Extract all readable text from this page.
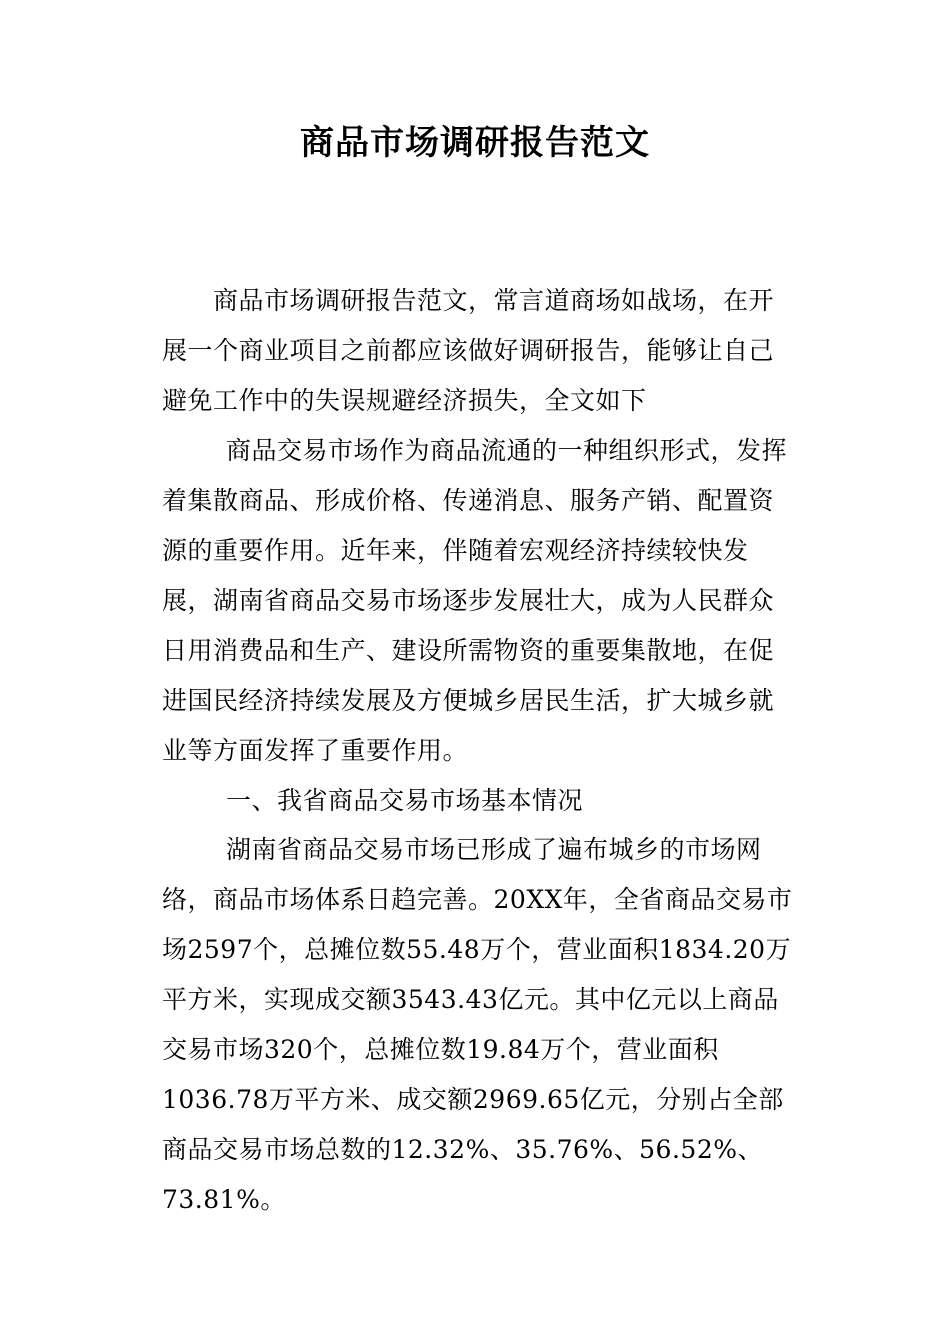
商品市场调研报告范文
商品市场调研报告范文，常言道商场如战场，在开
展一个商业项目之前都应该做好调研报告，能够让自己
避免工作中的失误规避经济损失，全文如下
商品交易市场作为商品流通的一种组织形式，发挥
着集散商品、形成价格、传递消息、服务产销、配置资
源的重要作用。近年来，伴随着宏观经济持续较快发
展，湖南省商品交易市场逐步发展壮大，成为人民群众
日用消费品和生产、建设所需物资的重要集散地，在促
进国民经济持续发展及方便城乡居民生活，扩大城乡就
业等方面发挥了重要作用。
一、我省商品交易市场基本情况
湖南省商品交易市场已形成了遍布城乡的市场网
络，商品市场体系日趋完善。20XX年，全省商品交易市
场2597个，总摊位数55.48万个，营业面积1834.20万
平方米，实现成交额3543.43亿元。其中亿元以上商品
交易市场320个，总摊位数19.84万个，营业面积
1036.78万平方米、成交额2969.65亿元，分别占全部
商品交易市场总数的12.32%、35.76%、56.52%、
73.81%。
